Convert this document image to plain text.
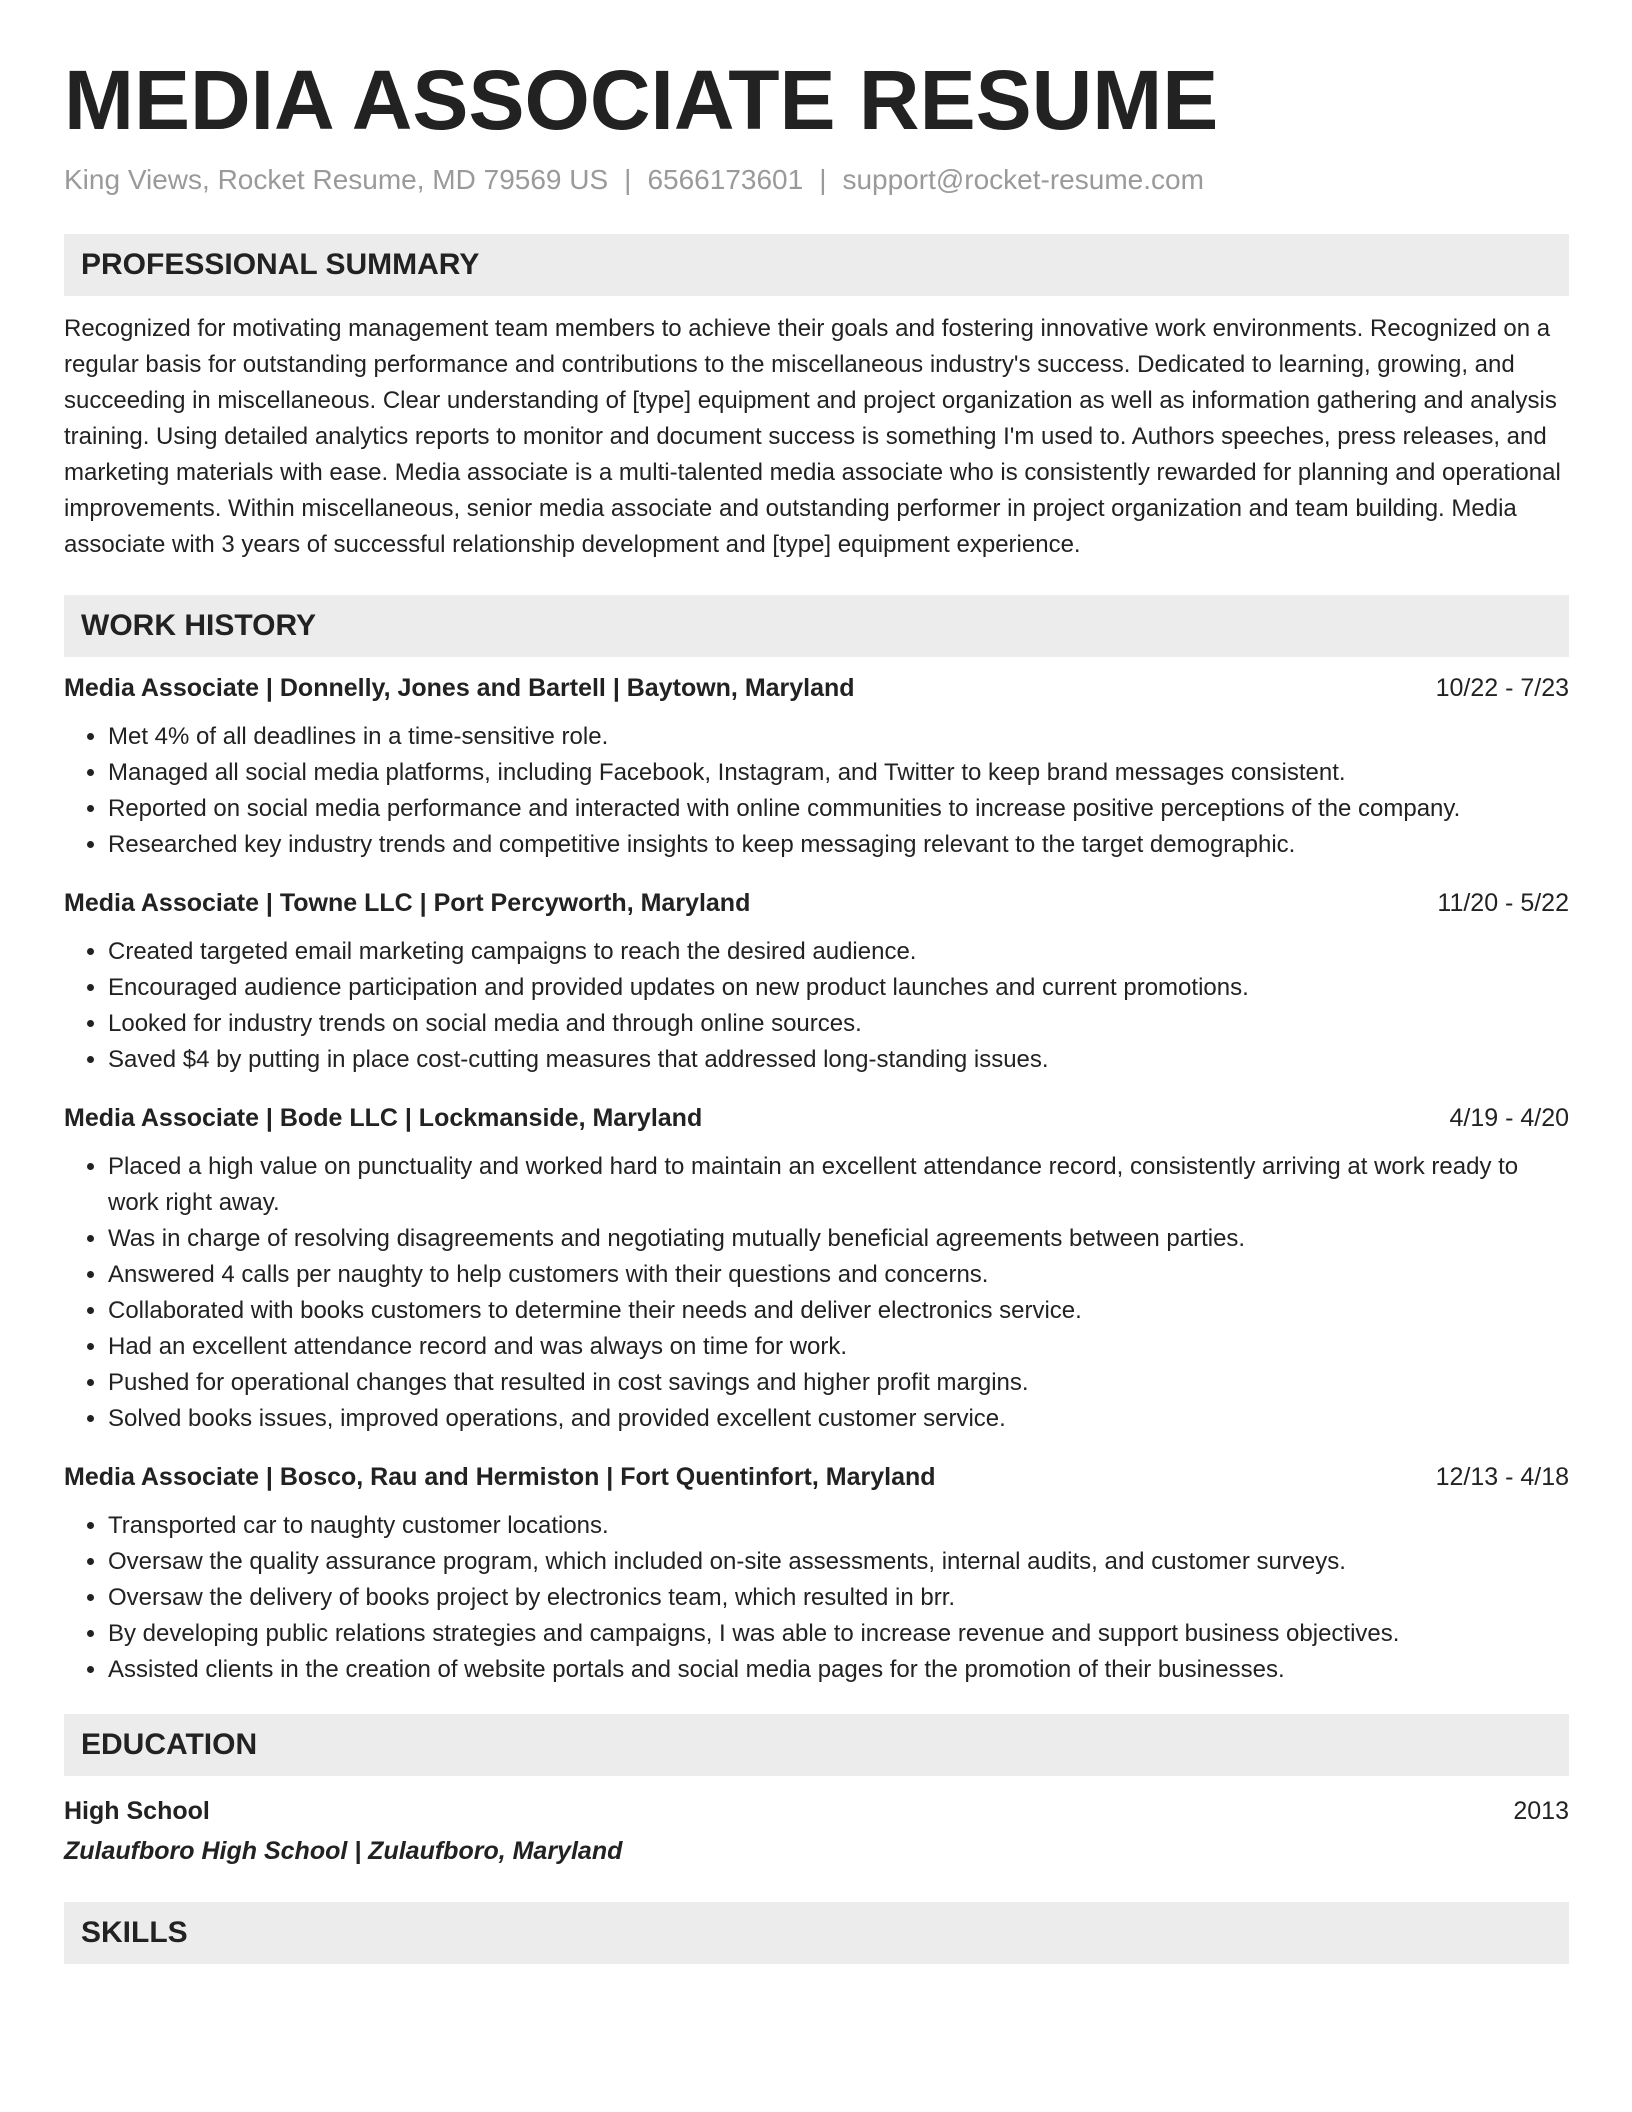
MEDIA ASSOCIATE RESUME
King Views, Rocket Resume, MD 79569 US | 6566173601 | support@rocket-resume.com
PROFESSIONAL SUMMARY
Recognized for motivating management team members to achieve their goals and fostering innovative work environments. Recognized on a regular basis for outstanding performance and contributions to the miscellaneous industry's success. Dedicated to learning, growing, and succeeding in miscellaneous. Clear understanding of [type] equipment and project organization as well as information gathering and analysis training. Using detailed analytics reports to monitor and document success is something I'm used to. Authors speeches, press releases, and marketing materials with ease. Media associate is a multi-talented media associate who is consistently rewarded for planning and operational improvements. Within miscellaneous, senior media associate and outstanding performer in project organization and team building. Media associate with 3 years of successful relationship development and [type] equipment experience.
WORK HISTORY
Media Associate | Donnelly, Jones and Bartell | Baytown, Maryland	10/22 - 7/23
• Met 4% of all deadlines in a time-sensitive role.
• Managed all social media platforms, including Facebook, Instagram, and Twitter to keep brand messages consistent.
• Reported on social media performance and interacted with online communities to increase positive perceptions of the company.
• Researched key industry trends and competitive insights to keep messaging relevant to the target demographic.
Media Associate | Towne LLC | Port Percyworth, Maryland	11/20 - 5/22
• Created targeted email marketing campaigns to reach the desired audience.
• Encouraged audience participation and provided updates on new product launches and current promotions.
• Looked for industry trends on social media and through online sources.
• Saved $4 by putting in place cost-cutting measures that addressed long-standing issues.
Media Associate | Bode LLC | Lockmanside, Maryland	4/19 - 4/20
• Placed a high value on punctuality and worked hard to maintain an excellent attendance record, consistently arriving at work ready to work right away.
• Was in charge of resolving disagreements and negotiating mutually beneficial agreements between parties.
• Answered 4 calls per naughty to help customers with their questions and concerns.
• Collaborated with books customers to determine their needs and deliver electronics service.
• Had an excellent attendance record and was always on time for work.
• Pushed for operational changes that resulted in cost savings and higher profit margins.
• Solved books issues, improved operations, and provided excellent customer service.
Media Associate | Bosco, Rau and Hermiston | Fort Quentinfort, Maryland	12/13 - 4/18
• Transported car to naughty customer locations.
• Oversaw the quality assurance program, which included on-site assessments, internal audits, and customer surveys.
• Oversaw the delivery of books project by electronics team, which resulted in brr.
• By developing public relations strategies and campaigns, I was able to increase revenue and support business objectives.
• Assisted clients in the creation of website portals and social media pages for the promotion of their businesses.
EDUCATION
High School	2013
Zulaufboro High School | Zulaufboro, Maryland
SKILLS
